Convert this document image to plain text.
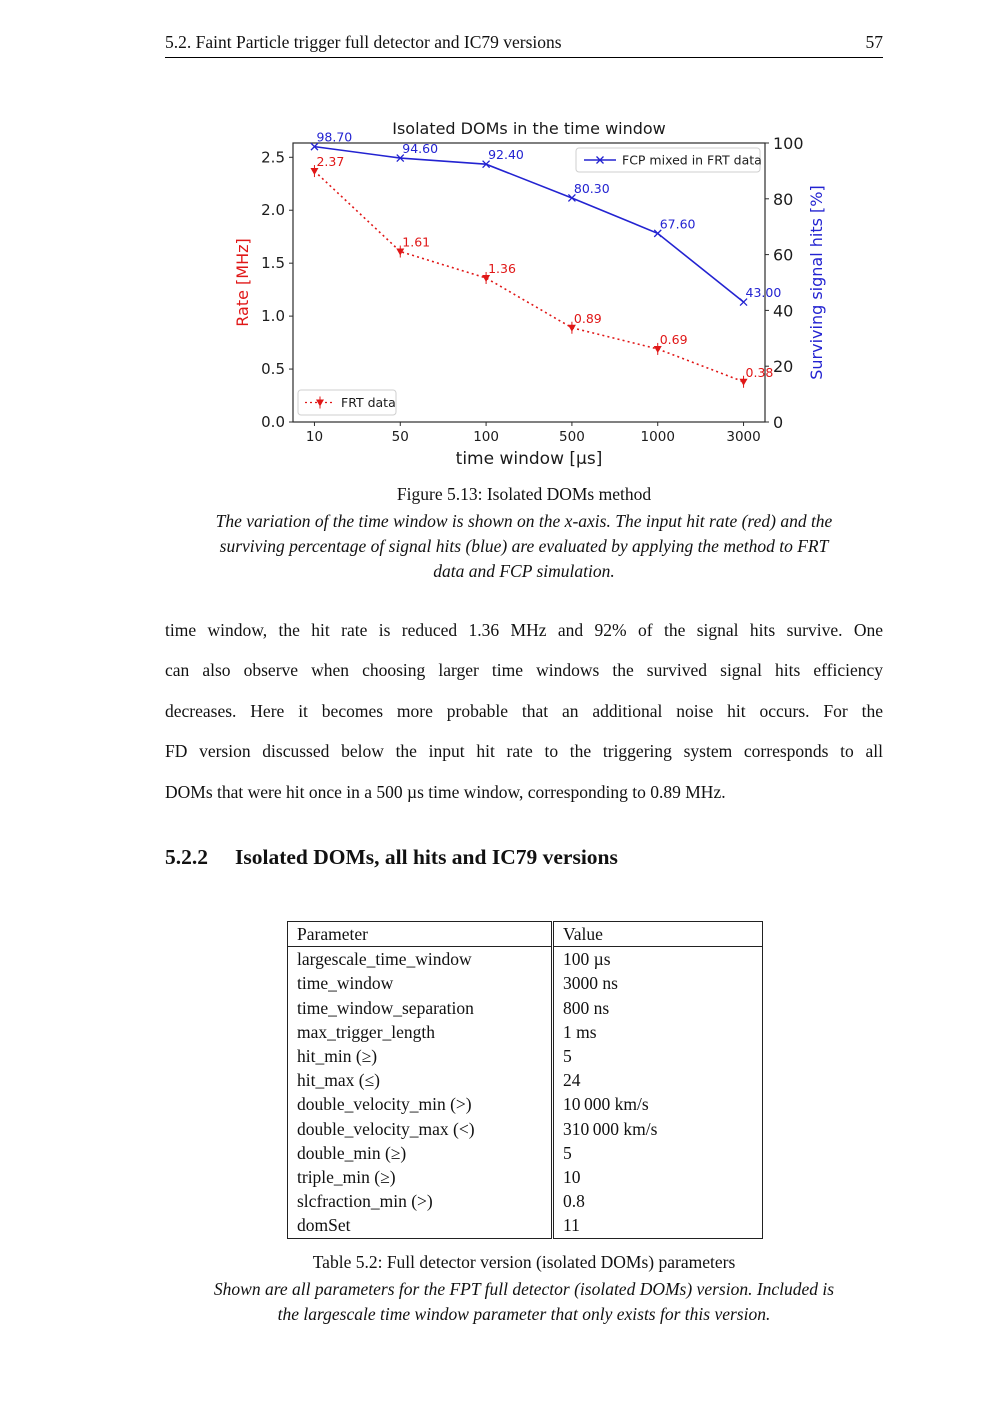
5.2. Faint Particle trigger full detector and IC79 versions	57
Isolated DOMs in the time window
10	50	100	500	1000	3000
time window [µs]
0.0
0.5
1.0
1.5
2.0
2.5
0
20
40
60
80
100
Rate [MHz]	Surviving signal hits [%]
98.70
94.60	92.40
80.30
67.60
43.00
2.37
1.61
1.36
0.89
0.69
0.38
FCP mixed in FRT data
FRT data
Figure 5.13: Isolated DOMs method
The variation of the time window is shown on the x-axis. The input hit rate (red) and the
surviving percentage of signal hits (blue) are evaluated by applying the method to FRT
data and FCP simulation.
time window, the hit rate is reduced 1.36 MHz and 92% of the signal hits survive. One
can also observe when choosing larger time windows the survived signal hits efficiency
decreases. Here it becomes more probable that an additional noise hit occurs. For the
FD version discussed below the input hit rate to the triggering system corresponds to all
DOMs that were hit once in a 500 µs time window, corresponding to 0.89 MHz.
5.2.2 Isolated DOMs, all hits and IC79 versions
Parameter	Value
largescale_time_window	100 µs
time_window	3000 ns
time_window_separation	800 ns
max_trigger_length	1 ms
hit_min (≥)	5
hit_max (≤)	24
double_velocity_min (>)	10 000 km/s
double_velocity_max (<)	310 000 km/s
double_min (≥)	5
triple_min (≥)	10
slcfraction_min (>)	0.8
domSet	11
Table 5.2: Full detector version (isolated DOMs) parameters
Shown are all parameters for the FPT full detector (isolated DOMs) version. Included is
the largescale time window parameter that only exists for this version.
